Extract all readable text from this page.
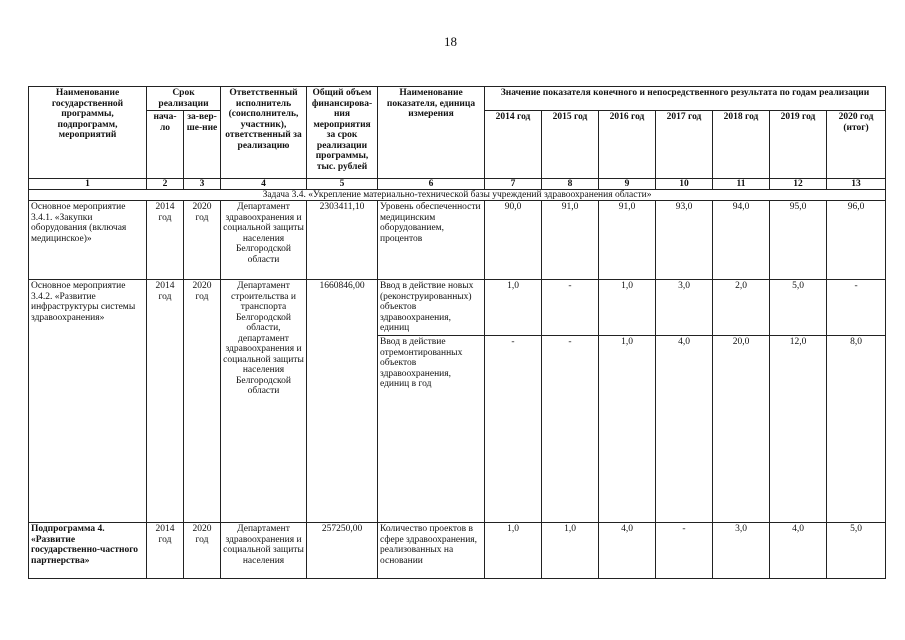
18
Наименование государственной программы, подпрограмм, мероприятий	Срок реализации		Ответственный исполнитель (соисполнитель, участник), ответственный за реализацию	Общий объем финансирова-ния мероприятия за срок реализации программы, тыс. рублей	Наименование показателя, единица измерения	Значение показателя конечного и непосредственного результата по годам реализации						
	нача-ло	за-вер-ше-ние				2014 год	2015 год	2016 год	2017 год	2018 год	2019 год	2020 год (итог)
1	2	3	4	5	6	7	8	9	10	11	12	13
Задача 3.4. «Укрепление материально-технической базы учреждений здравоохранения области»												
Основное мероприятие 3.4.1. «Закупки оборудования (включая медицинское)»	2014 год	2020 год	Департамент здравоохранения и социальной защиты населения Белгородской области	2303411,10	Уровень обеспеченности медицинским оборудованием, процентов	90,0	91,0	91,0	93,0	94,0	95,0	96,0
Основное мероприятие 3.4.2. «Развитие инфраструктуры системы здравоохранения»	2014 год	2020 год	Департамент строительства и транспорта Белгородской области, департамент здравоохранения и социальной защиты населения Белгородской области	1660846,00	Ввод в действие новых (реконструированных) объектов здравоохранения, единиц	1,0	-	1,0	3,0	2,0	5,0	-
					Ввод в действие отремонтированных объектов здравоохранения, единиц в год	-	-	1,0	4,0	20,0	12,0	8,0
Подпрограмма 4. «Развитие государственно-частного партнерства»	2014 год	2020 год	Департамент здравоохранения и социальной защиты населения	257250,00	Количество проектов в сфере здравоохранения, реализованных на основании	1,0	1,0	4,0	-	3,0	4,0	5,0
